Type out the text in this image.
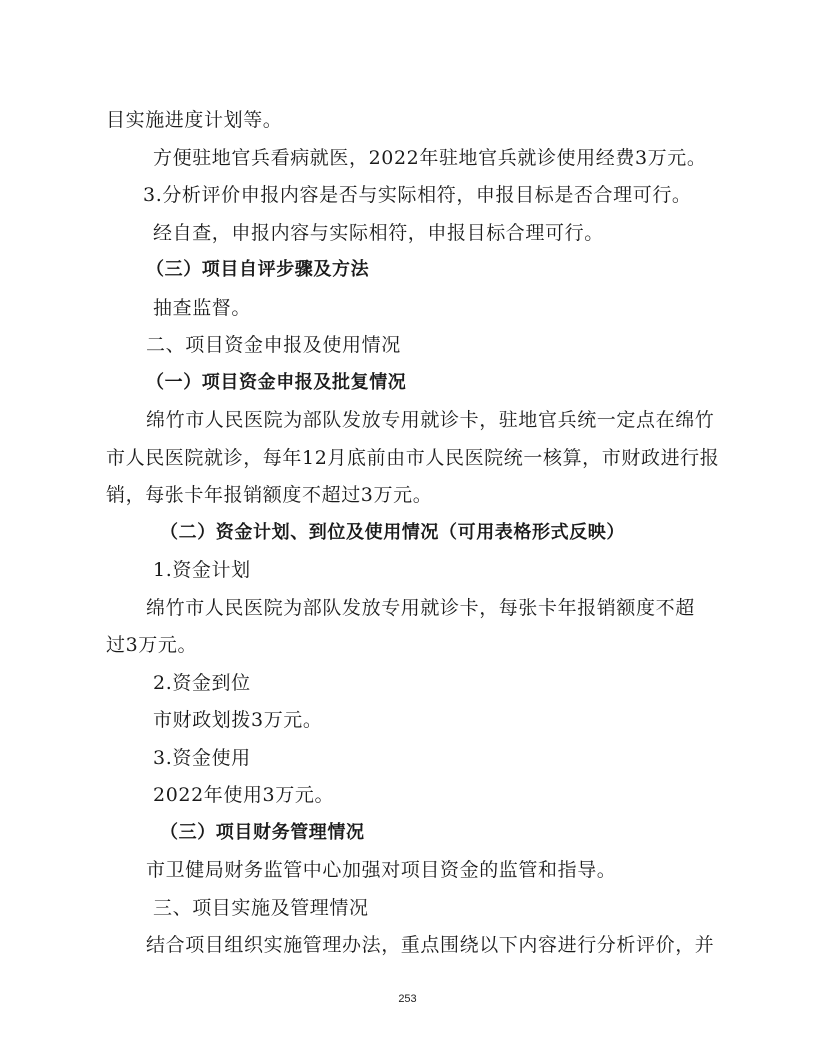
目实施进度计划等。
方便驻地官兵看病就医，2022年驻地官兵就诊使用经费3万元。
3.分析评价申报内容是否与实际相符，申报目标是否合理可行。
经自查，申报内容与实际相符，申报目标合理可行。
（三）项目自评步骤及方法
抽查监督。
二、项目资金申报及使用情况
（一）项目资金申报及批复情况
绵竹市人民医院为部队发放专用就诊卡，驻地官兵统一定点在绵竹
市人民医院就诊，每年12月底前由市人民医院统一核算，市财政进行报
销，每张卡年报销额度不超过3万元。
（二）资金计划、到位及使用情况（可用表格形式反映）
1.资金计划
绵竹市人民医院为部队发放专用就诊卡，每张卡年报销额度不超
过3万元。
2.资金到位
市财政划拨3万元。
3.资金使用
2022年使用3万元。
（三）项目财务管理情况
市卫健局财务监管中心加强对项目资金的监管和指导。
三、项目实施及管理情况
结合项目组织实施管理办法，重点围绕以下内容进行分析评价，并
253
